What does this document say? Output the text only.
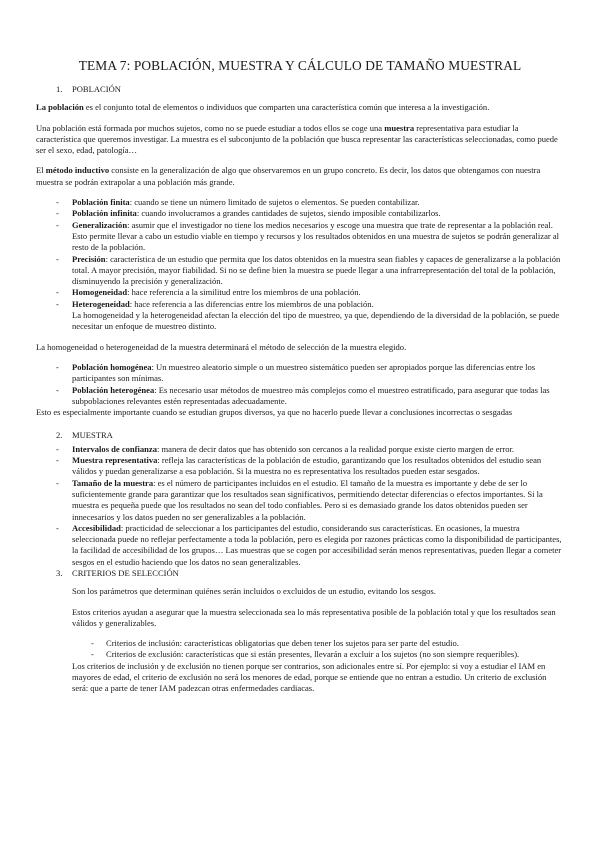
TEMA 7: POBLACIÓN, MUESTRA Y CÁLCULO DE TAMAÑO MUESTRAL
1.	POBLACIÓN

La población es el conjunto total de elementos o individuos que comparten una característica común que interesa a la investigación.

Una población está formada por muchos sujetos, como no se puede estudiar a todos ellos se coge una muestra representativa para estudiar la característica que queremos investigar. La muestra es el subconjunto de la población que busca representar las características seleccionadas, como puede ser el sexo, edad, patología…

El método inductivo consiste en la generalización de algo que observaremos en un grupo concreto. Es decir, los datos que obtengamos con nuestra muestra se podrán extrapolar a una población más grande.

- Población finita: cuando se tiene un número limitado de sujetos o elementos. Se pueden contabilizar.
- Población infinita: cuando involucramos a grandes cantidades de sujetos, siendo imposible contabilizarlos.
- Generalización: asumir que el investigador no tiene los medios necesarios y escoge una muestra que trate de representar a la población real. Esto permite llevar a cabo un estudio viable en tiempo y recursos y los resultados obtenidos en una muestra de sujetos se podrán generalizar al resto de la población.
- Precisión: característica de un estudio que permita que los datos obtenidos en la muestra sean fiables y capaces de generalizarse a la población total. A mayor precisión, mayor fiabilidad. Si no se define bien la muestra se puede llegar a una infrarrepresentación del total de la población, disminuyendo la precisión y generalización.
- Homogeneidad: hace referencia a la similitud entre los miembros de una población.
- Heterogeneidad: hace referencia a las diferencias entre los miembros de una población.

La homogeneidad y la heterogeneidad afectan la elección del tipo de muestreo, ya que, dependiendo de la diversidad de la población, se puede necesitar un enfoque de muestreo distinto.

La homogeneidad o heterogeneidad de la muestra determinará el método de selección de la muestra elegido.

- Población homogénea: Un muestreo aleatorio simple o un muestreo sistemático pueden ser apropiados porque las diferencias entre los participantes son mínimas.
- Población heterogénea: Es necesario usar métodos de muestreo más complejos como el muestreo estratificado, para asegurar que todas las subpoblaciones relevantes estén representadas adecuadamente.

Esto es especialmente importante cuando se estudian grupos diversos, ya que no hacerlo puede llevar a conclusiones incorrectas o sesgadas

2.	MUESTRA
- Intervalos de confianza: manera de decir datos que has obtenido son cercanos a la realidad porque existe cierto margen de error.
- Muestra representativa: refleja las características de la población de estudio, garantizando que los resultados obtenidos del estudio sean válidos y puedan generalizarse a esa población. Si la muestra no es representativa los resultados pueden estar sesgados.
- Tamaño de la muestra: es el número de participantes incluidos en el estudio. El tamaño de la muestra es importante y debe de ser lo suficientemente grande para garantizar que los resultados sean significativos, permitiendo detectar diferencias o efectos importantes. Si la muestra es pequeña puede que los resultados no sean del todo confiables. Pero si es demasiado grande los datos obtenidos pueden ser innecesarios y los datos pueden no ser generalizables a la población.
- Accesibilidad: practicidad de seleccionar a los participantes del estudio, considerando sus características. En ocasiones, la muestra seleccionada puede no reflejar perfectamente a toda la población, pero es elegida por razones prácticas como la disponibilidad de participantes, la facilidad de accesibilidad de los grupos… Las muestras que se cogen por accesibilidad serán menos representativas, pueden llegar a cometer sesgos en el estudio haciendo que los datos no sean generalizables.
3.	CRITERIOS DE SELECCIÓN

Son los parámetros que determinan quiénes serán incluidos o excluidos de un estudio, evitando los sesgos.

Estos criterios ayudan a asegurar que la muestra seleccionada sea lo más representativa posible de la población total y que los resultados sean válidos y generalizables.

- Criterios de inclusión: características obligatorias que deben tener los sujetos para ser parte del estudio.
- Criterios de exclusión: características que si están presentes, llevarán a excluir a los sujetos (no son siempre requeribles).

Los criterios de inclusión y de exclusión no tienen porque ser contrarios, son adicionales entre sí. Por ejemplo: si voy a estudiar el IAM en mayores de edad, el criterio de exclusión no será los menores de edad, porque se entiende que no entran a estudio. Un criterio de exclusión será: que a parte de tener IAM padezcan otras enfermedades cardiacas.
